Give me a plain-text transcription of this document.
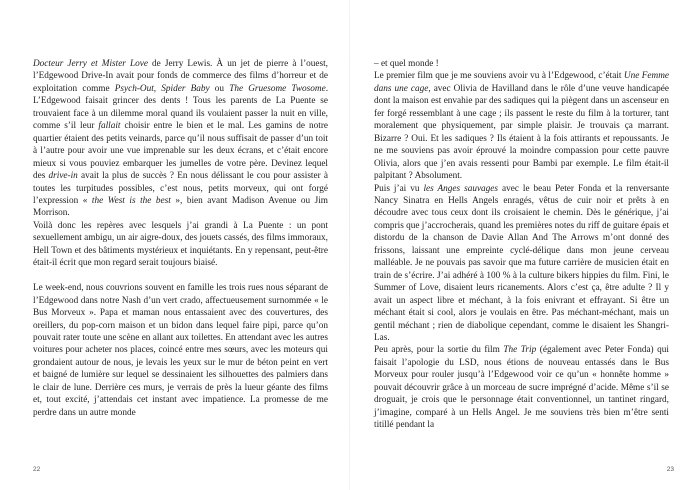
Docteur Jerry et Mister Love de Jerry Lewis. À un jet de pierre à l’ouest, l’Edgewood Drive-In avait pour fonds de commerce des films d’horreur et de exploitation comme Psych-Out, Spider Baby ou The Gruesome Twosome. L’Edgewood faisait grincer des dents ! Tous les parents de La Puente se trouvaient face à un dilemme moral quand ils voulaient passer la nuit en ville, comme s’il leur fallait choisir entre le bien et le mal. Les gamins de notre quartier étaient des petits veinards, parce qu’il nous suffisait de passer d’un toit à l’autre pour avoir une vue imprenable sur les deux écrans, et c’était encore mieux si vous pouviez embarquer les jumelles de votre père. Devinez lequel des drive-in avait la plus de succès ? En nous délissant le cou pour assister à toutes les turpitudes possibles, c’est nous, petits morveux, qui ont forgé l’expression « the West is the best », bien avant Madison Avenue ou Jim Morrison.

Voilà donc les repères avec lesquels j’ai grandi à La Puente : un pont sexuellement ambigu, un air aigre-doux, des jouets cassés, des films immoraux, Hell Town et des bâtiments mystérieux et inquiétants. En y repensant, peut-être était-il écrit que mon regard serait toujours biaisé.

Le week-end, nous couvrions souvent en famille les trois rues nous séparant de l’Edgewood dans notre Nash d’un vert crado, affectueusement surnommée « le Bus Morveux ». Papa et maman nous entassaient avec des couvertures, des oreillers, du pop-corn maison et un bidon dans lequel faire pipi, parce qu’on pouvait rater toute une scène en allant aux toilettes. En attendant avec les autres voitures pour acheter nos places, coincé entre mes sœurs, avec les moteurs qui grondaient autour de nous, je levais les yeux sur le mur de béton peint en vert et baigné de lumière sur lequel se dessinaient les silhouettes des palmiers dans le clair de lune. Derrière ces murs, je verrais de près la lueur géante des films et, tout excité, j’attendais cet instant avec impatience. La promesse de me perdre dans un autre monde

22

– et quel monde !

Le premier film que je me souviens avoir vu à l’Edgewood, c’était Une Femme dans une cage, avec Olivia de Havilland dans le rôle d’une veuve handicapée dont la maison est envahie par des sadiques qui la piègent dans un ascenseur en fer forgé ressemblant à une cage ; ils passent le reste du film à la torturer, tant moralement que physiquement, par simple plaisir. Je trouvais ça marrant. Bizarre ? Oui. Et les sadiques ? Ils étaient à la fois attirants et repoussants. Je ne me souviens pas avoir éprouvé la moindre compassion pour cette pauvre Olivia, alors que j’en avais ressenti pour Bambi par exemple. Le film était-il palpitant ? Absolument.

Puis j’ai vu les Anges sauvages avec le beau Peter Fonda et la renversante Nancy Sinatra en Hells Angels enragés, vêtus de cuir noir et prêts à en découdre avec tous ceux dont ils croisaient le chemin. Dès le générique, j’ai compris que j’accrocherais, quand les premières notes du riff de guitare épais et distordu de la chanson de Davie Allan And The Arrows m’ont donné des frissons, laissant une empreinte cyclé-délique dans mon jeune cerveau malléable. Je ne pouvais pas savoir que ma future carrière de musicien était en train de s’écrire. J’ai adhéré à 100 % à la culture bikers hippies du film. Fini, le Summer of Love, disaient leurs ricanements. Alors c’est ça, être adulte ? Il y avait un aspect libre et méchant, à la fois enivrant et effrayant. Si être un méchant était si cool, alors je voulais en être. Pas méchant-méchant, mais un gentil méchant ; rien de diabolique cependant, comme le disaient les Shangri-Las.

Peu après, pour la sortie du film The Trip (également avec Peter Fonda) qui faisait l’apologie du LSD, nous étions de nouveau entassés dans le Bus Morveux pour rouler jusqu’à l’Edgewood voir ce qu’un « honnête homme » pouvait découvrir grâce à un morceau de sucre imprégné d’acide. Même s’il se droguait, je crois que le personnage était conventionnel, un tantinet ringard, j’imagine, comparé à un Hells Angel. Je me souviens très bien m’être senti titillé pendant la

23
